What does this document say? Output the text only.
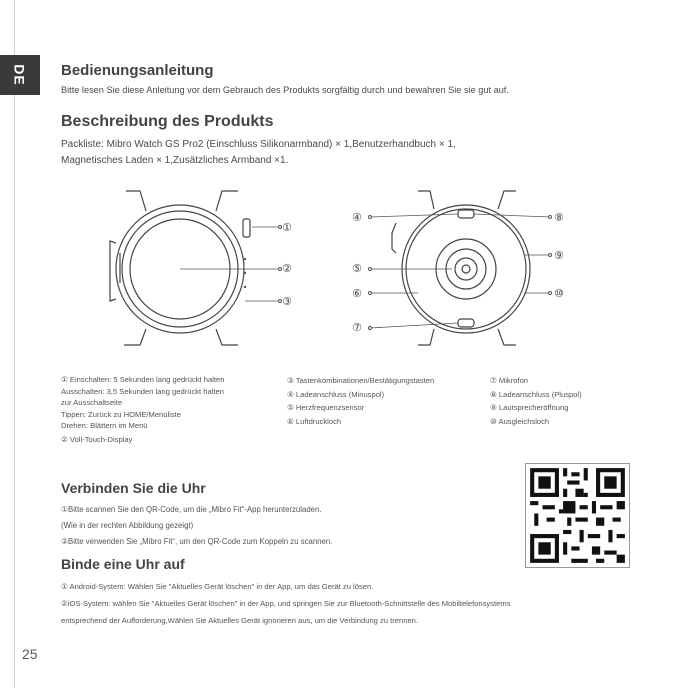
DE Bedienungsanleitung
Bitte lesen Sie diese Anleitung vor dem Gebrauch des Produkts sorgfältig durch und bewahren Sie sie gut auf.
Beschreibung des Produkts
Packliste: Mibro Watch GS Pro2 (Einschluss Silikonarmband) × 1,Benutzerhandbuch × 1,
Magnetisches Laden × 1,Zusätzliches Armband ×1.
①
②
③
④
⑤
⑥
⑦
⑧
⑨
⑩
① Einschalten: 5 Sekunden lang gedrückt halten
Ausschalten: 3,5 Sekunden lang gedrückt halten
zur Ausschaltseite
Tippen: Zurück zu HOME/Menüliste
Drehen: Blättern im Menü
② Voll-Touch-Display
③ Tastenkombinationen/Bestätigungstasten
④ Ladeanschluss (Minuspol)
⑤ Herzfrequenzsensor
⑥ Luftdruckloch
⑦ Mikrofon
⑧ Ladeanschluss (Pluspol)
⑨ Lautsprecheröffnung
⑩ Ausgleichsloch
Verbinden Sie die Uhr
①Bitte scannen Sie den QR-Code, um die „Mibro Fit“-App herunterzuladen.
(Wie in der rechten Abbildung gezeigt)
②Bitte verwenden Sie „Mibro Fit“, um den QR-Code zum Koppeln zu scannen.
Binde eine Uhr auf
① Android-System: Wählen Sie "Aktuelles Gerät löschen" in der App, um das Gerät zu lösen.
②iOS-System: wählen Sie "Aktuelles Gerät löschen" in der App, und springen Sie zur Bluetooth-Schnittstelle des Mobiltelefonsystems
entsprechend der Aufforderung,Wählen Sie Aktuelles Gerät ignorieren aus, um die Verbindung zu trennen.
25
